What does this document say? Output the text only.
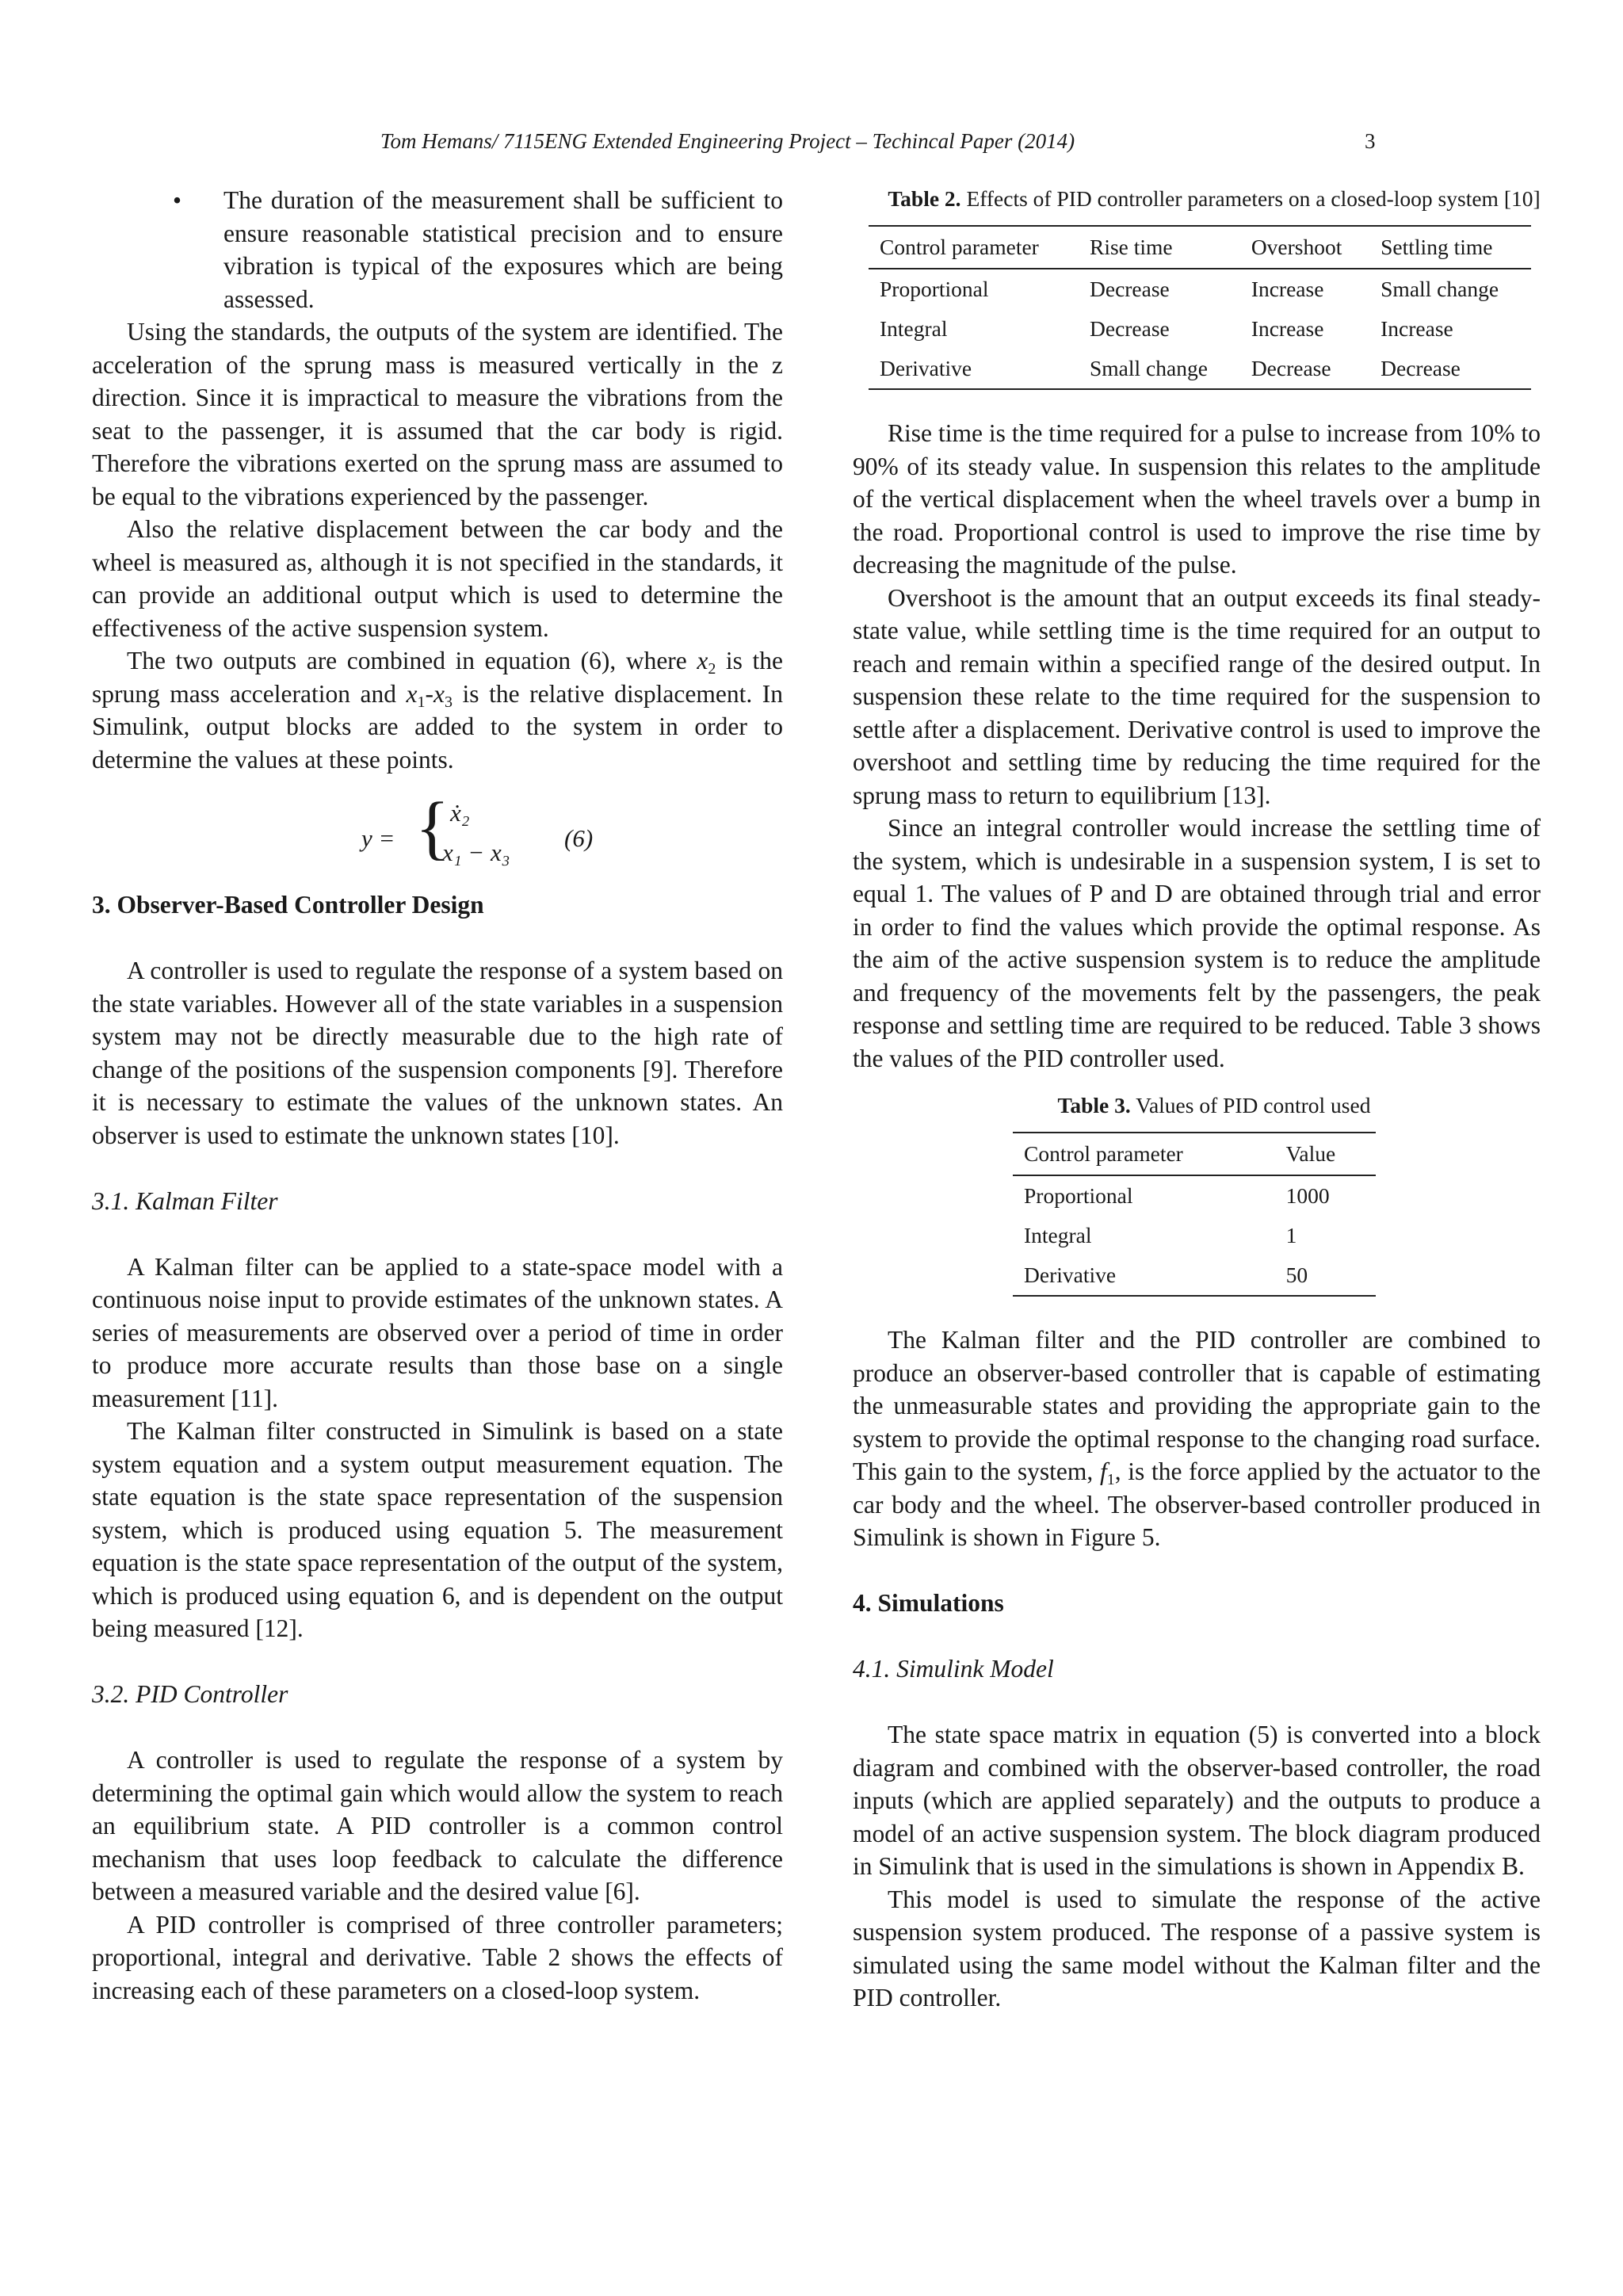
Tom Hemans/ 7115ENG Extended Engineering Project – Techincal Paper (2014)	3
• The duration of the measurement shall be sufficient to ensure reasonable statistical precision and to ensure vibration is typical of the exposures which are being assessed.

Using the standards, the outputs of the system are identified. The acceleration of the sprung mass is measured vertically in the z direction. Since it is impractical to measure the vibrations from the seat to the passenger, it is assumed that the car body is rigid. Therefore the vibrations exerted on the sprung mass are assumed to be equal to the vibrations experienced by the passenger.

Also the relative displacement between the car body and the wheel is measured as, although it is not specified in the standards, it can provide an additional output which is used to determine the effectiveness of the active suspension system.

The two outputs are combined in equation (6), where $x_2$ is the sprung mass acceleration and $x_1-x_3$ is the relative displacement. In Simulink, output blocks are added to the system in order to determine the values at these points.

y = { ẋ₂
x₁ − x₃
(6)
3. Observer-Based Controller Design

A controller is used to regulate the response of a system based on the state variables. However all of the state variables in a suspension system may not be directly measurable due to the high rate of change of the positions of the suspension components [9]. Therefore it is necessary to estimate the values of the unknown states. An observer is used to estimate the unknown states [10].

3.1. Kalman Filter

A Kalman filter can be applied to a state-space model with a continuous noise input to provide estimates of the unknown states. A series of measurements are observed over a period of time in order to produce more accurate results than those base on a single measurement [11].

The Kalman filter constructed in Simulink is based on a state system equation and a system output measurement equation. The state equation is the state space representation of the suspension system, which is produced using equation 5. The measurement equation is the state space representation of the output of the system, which is produced using equation 6, and is dependent on the output being measured [12].

3.2. PID Controller

A controller is used to regulate the response of a system by determining the optimal gain which would allow the system to reach an equilibrium state. A PID controller is a common control mechanism that uses loop feedback to calculate the difference between a measured variable and the desired value [6].

A PID controller is comprised of three controller parameters; proportional, integral and derivative. Table 2 shows the effects of increasing each of these parameters on a closed-loop system.

Table 2. Effects of PID controller parameters on a closed-loop system [10]

Control parameter	Rise time	Overshoot	Settling time
Proportional	Decrease	Increase	Small change
Integral	Decrease	Increase	Increase
Derivative	Small change	Decrease	Decrease

Rise time is the time required for a pulse to increase from 10% to 90% of its steady value. In suspension this relates to the amplitude of the vertical displacement when the wheel travels over a bump in the road. Proportional control is used to improve the rise time by decreasing the magnitude of the pulse.

Overshoot is the amount that an output exceeds its final steady-state value, while settling time is the time required for an output to reach and remain within a specified range of the desired output. In suspension these relate to the time required for the suspension to settle after a displacement. Derivative control is used to improve the overshoot and settling time by reducing the time required for the sprung mass to return to equilibrium [13].

Since an integral controller would increase the settling time of the system, which is undesirable in a suspension system, I is set to equal 1. The values of P and D are obtained through trial and error in order to find the values which provide the optimal response. As the aim of the active suspension system is to reduce the amplitude and frequency of the movements felt by the passengers, the peak response and settling time are required to be reduced. Table 3 shows the values of the PID controller used.

Table 3. Values of PID control used

Control parameter	Value
Proportional	1000
Integral	1
Derivative	50

The Kalman filter and the PID controller are combined to produce an observer-based controller that is capable of estimating the unmeasurable states and providing the appropriate gain to the system to provide the optimal response to the changing road surface. This gain to the system, $f_1$, is the force applied by the actuator to the car body and the wheel. The observer-based controller produced in Simulink is shown in Figure 5.

4. Simulations
4.1. Simulink Model

The state space matrix in equation (5) is converted into a block diagram and combined with the observer-based controller, the road inputs (which are applied separately) and the outputs to produce a model of an active suspension system. The block diagram produced in Simulink that is used in the simulations is shown in Appendix B.

This model is used to simulate the response of the active suspension system produced. The response of a passive system is simulated using the same model without the Kalman filter and the PID controller.
